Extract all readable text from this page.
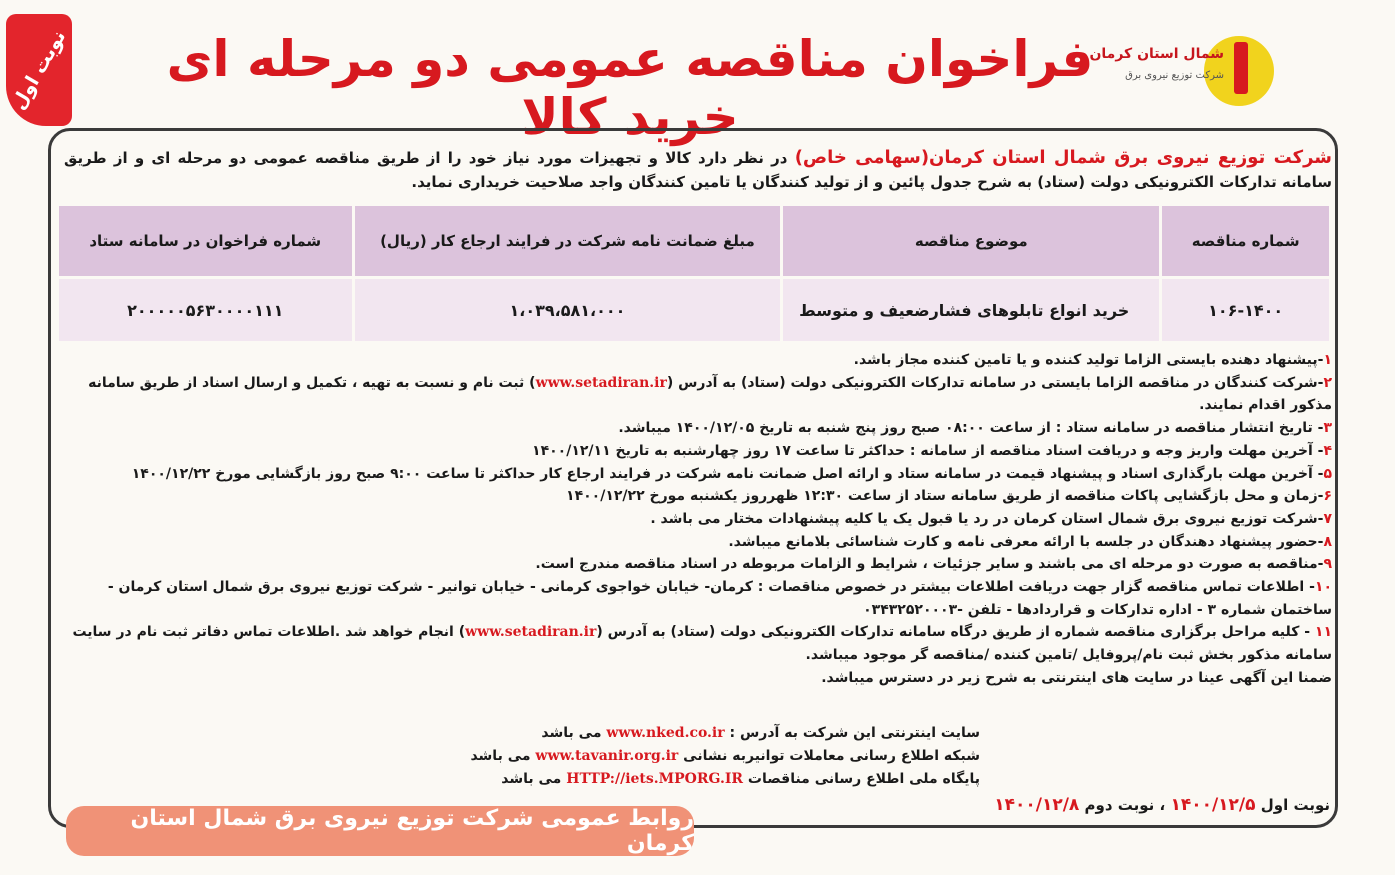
نوبت اول	فراخوان مناقصه عمومی دو مرحله ای خرید کالا
شمال استان کرمان
شرکت توزیع نیروی برق
شرکت توزیع نیروی برق شمال استان کرمان(سهامی خاص) در نظر دارد کالا و تجهیزات مورد نیاز خود را از طریق مناقصه عمومی دو مرحله ای و از طریق سامانه تدارکات الکترونیکی دولت (ستاد) به شرح جدول پائین و از تولید کنندگان یا تامین کنندگان واجد صلاحیت خریداری نماید.
شماره مناقصه	موضوع مناقصه	مبلغ ضمانت نامه شرکت در فرایند ارجاع کار (ریال)	شماره فراخوان در سامانه ستاد
۱۰۶-۱۴۰۰	خرید انواع تابلوهای فشارضعیف و متوسط	۱،۰۳۹،۵۸۱،۰۰۰	۲۰۰۰۰۰۵۶۳۰۰۰۰۱۱۱

۱-پیشنهاد دهنده بایستی الزاما تولید کننده و یا تامین کننده مجاز باشد.

۲-شرکت کنندگان در مناقصه الزاما بایستی در سامانه تدارکات الکترونیکی دولت (ستاد) به آدرس (www.setadiran.ir) ثبت نام و نسبت به تهیه ، تکمیل و ارسال اسناد از طریق سامانه مذکور اقدام نمایند.

۳- تاریخ انتشار مناقصه در سامانه ستاد : از ساعت ۰۸:۰۰ صبح روز پنج شنبه به تاریخ ۱۴۰۰/۱۲/۰۵ میباشد.

۴- آخرین مهلت واریز وجه و دریافت اسناد مناقصه از سامانه : حداکثر تا ساعت ۱۷ روز چهارشنبه به تاریخ ۱۴۰۰/۱۲/۱۱

۵- آخرین مهلت بارگذاری اسناد و پیشنهاد قیمت در سامانه ستاد و ارائه اصل ضمانت نامه شرکت در فرایند ارجاع کار حداکثر تا ساعت ۹:۰۰ صبح روز بازگشایی مورخ ۱۴۰۰/۱۲/۲۲

۶-زمان و محل بازگشایی پاکات مناقصه از طریق سامانه ستاد از ساعت ۱۲:۳۰ ظهرروز یکشنبه مورخ ۱۴۰۰/۱۲/۲۲

۷-شرکت توزیع نیروی برق شمال استان کرمان در رد یا قبول یک یا کلیه پیشنهادات مختار می باشد .

۸-حضور پیشنهاد دهندگان در جلسه با ارائه معرفی نامه و کارت شناسائی بلامانع میباشد.

۹-مناقصه به صورت دو مرحله ای می باشند و سایر جزئیات ، شرایط و الزامات مربوطه در اسناد مناقصه مندرج است.

۱۰- اطلاعات تماس مناقصه گزار جهت دریافت اطلاعات بیشتر در خصوص مناقصات : کرمان- خیابان خواجوی کرمانی - خیابان توانیر - شرکت توزیع نیروی برق شمال استان کرمان - ساختمان شماره ۳ - اداره تدارکات و قراردادها - تلفن -۰۳۴۳۲۵۲۰۰۰۳

۱۱ - کلیه مراحل برگزاری مناقصه شماره از طریق درگاه سامانه تدارکات الکترونیکی دولت (ستاد) به آدرس (www.setadiran.ir) انجام خواهد شد .اطلاعات تماس دفاتر ثبت نام در سایت سامانه مذکور بخش ثبت نام/پروفایل /تامین کننده /مناقصه گر موجود میباشد.

ضمنا این آگهی عینا در سایت های اینترنتی به شرح زیر در دسترس میباشد.

سایت اینترنتی این شرکت به آدرس : www.nked.co.ir می باشد

شبکه اطلاع رسانی معاملات توانیربه نشانی www.tavanir.org.ir می باشد

پایگاه ملی اطلاع رسانی مناقصات HTTP://iets.MPORG.IR می باشد

نوبت اول ۱۴۰۰/۱۲/۵ ، نوبت دوم ۱۴۰۰/۱۲/۸
روابط عمومی شرکت توزیع نیروی برق شمال استان کرمان
